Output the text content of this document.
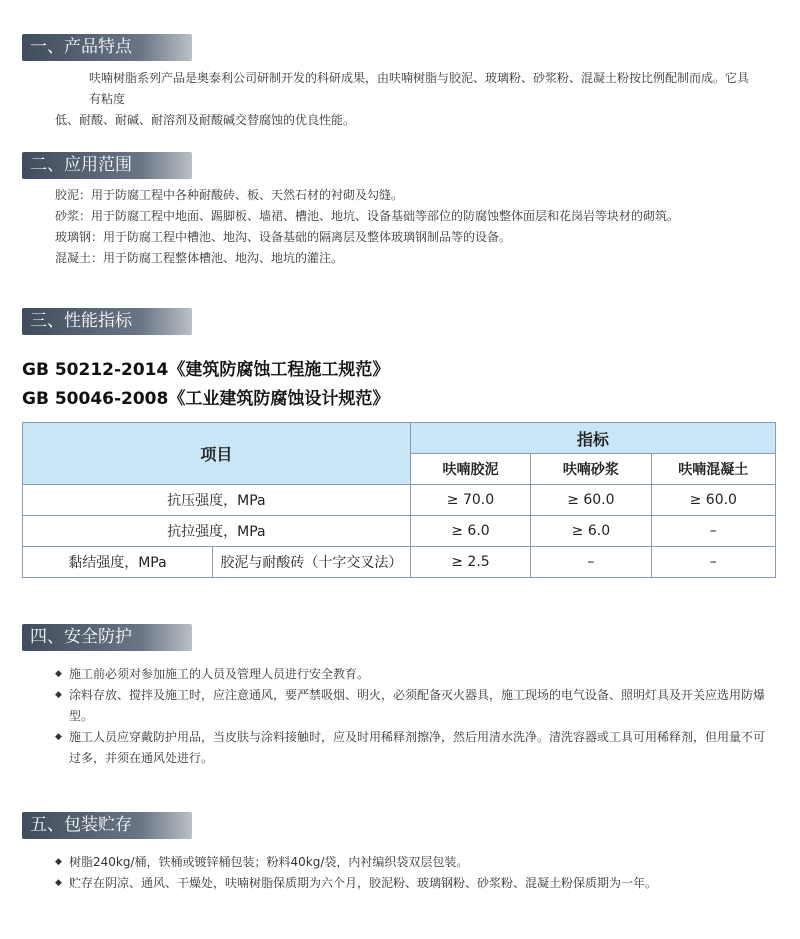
一、产品特点
呋喃树脂系列产品是奥泰利公司研制开发的科研成果，由呋喃树脂与胶泥、玻璃粉、砂浆粉、混凝土粉按比例配制而成。它具有粘度
低、耐酸、耐碱、耐溶剂及耐酸碱交替腐蚀的优良性能。
二、应用范围
胶泥：用于防腐工程中各种耐酸砖、板、天然石材的衬砌及勾缝。
砂浆：用于防腐工程中地面、踢脚板、墙裙、槽池、地坑、设备基础等部位的防腐蚀整体面层和花岗岩等块材的砌筑。
玻璃钢：用于防腐工程中槽池、地沟、设备基础的隔离层及整体玻璃钢制品等的设备。
混凝土：用于防腐工程整体槽池、地沟、地坑的灌注。
三、性能指标
GB 50212-2014《建筑防腐蚀工程施工规范》
GB 50046-2008《工业建筑防腐蚀设计规范》
项目		指标		
		呋喃胶泥	呋喃砂浆	呋喃混凝土
抗压强度，MPa		≥ 70.0	≥ 60.0	≥ 60.0
抗拉强度，MPa		≥ 6.0	≥ 6.0	–
黏结强度，MPa	胶泥与耐酸砖（十字交叉法）	≥ 2.5	–	–
四、安全防护
◆ 施工前必须对参加施工的人员及管理人员进行安全教育。
◆ 涂料存放、搅拌及施工时，应注意通风，要严禁吸烟、明火，必须配备灭火器具，施工现场的电气设备、照明灯具及开关应选用防爆型。
◆ 施工人员应穿戴防护用品，当皮肤与涂料接触时，应及时用稀释剂擦净，然后用清水洗净。清洗容器或工具可用稀释剂，但用量不可过多，并须在通风处进行。
五、包装贮存
◆ 树脂240kg/桶，铁桶或镀锌桶包装；粉料40kg/袋，内衬编织袋双层包装。
◆ 贮存在阴凉、通风、干燥处，呋喃树脂保质期为六个月，胶泥粉、玻璃钢粉、砂浆粉、混凝土粉保质期为一年。
